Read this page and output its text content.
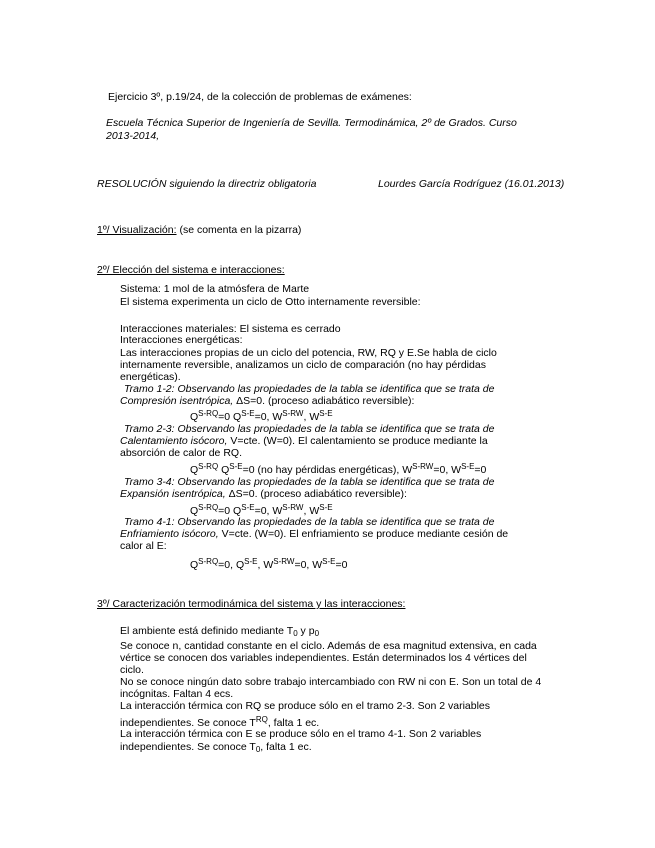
Ejercicio 3º, p.19/24, de la colección de problemas de exámenes:
Escuela Técnica Superior de Ingeniería de Sevilla. Termodinámica, 2º de Grados. Curso
2013-2014,
RESOLUCIÓN siguiendo la directriz obligatoria	Lourdes García Rodríguez (16.01.2013)
1º/ Visualización: (se comenta en la pizarra)
2º/ Elección del sistema e interacciones:
Sistema: 1 mol de la atmósfera de Marte
El sistema experimenta un ciclo de Otto internamente reversible:
Interacciones materiales: El sistema es cerrado
Interacciones energéticas:
Las interacciones propias de un ciclo del potencia, RW, RQ y E.Se habla de ciclo
internamente reversible, analizamos un ciclo de comparación (no hay pérdidas
energéticas).
Tramo 1-2: Observando las propiedades de la tabla se identifica que se trata de
Compresión isentrópica, ΔS=0. (proceso adiabático reversible):
$Q^{S-RQ}=0$ $Q^{S-E}=0$, $W^{S-RW}$, $W^{S-E}$
Tramo 2-3: Observando las propiedades de la tabla se identifica que se trata de
Calentamiento isócoro, V=cte. (W=0). El calentamiento se produce mediante la
absorción de calor de RQ.
$Q^{S-RQ}$ $Q^{S-E}=0$ (no hay pérdidas energéticas), $W^{S-RW}=0$, $W^{S-E}=0$
Tramo 3-4: Observando las propiedades de la tabla se identifica que se trata de
Expansión isentrópica, ΔS=0. (proceso adiabático reversible):
$Q^{S-RQ}=0$ $Q^{S-E}=0$, $W^{S-RW}$, $W^{S-E}$
Tramo 4-1: Observando las propiedades de la tabla se identifica que se trata de
Enfriamiento isócoro, V=cte. (W=0). El enfriamiento se produce mediante cesión de
calor al E:
$Q^{S-RQ}=0$, $Q^{S-E}$, $W^{S-RW}=0$, $W^{S-E}=0$
3º/ Caracterización termodinámica del sistema y las interacciones:
El ambiente está definido mediante $T_0$ y $p_0$
Se conoce n, cantidad constante en el ciclo. Además de esa magnitud extensiva, en cada
vértice se conocen dos variables independientes. Están determinados los 4 vértices del
ciclo.
No se conoce ningún dato sobre trabajo intercambiado con RW ni con E. Son un total de 4
incógnitas. Faltan 4 ecs.
La interacción térmica con RQ se produce sólo en el tramo 2-3. Son 2 variables
independientes. Se conoce $T^{RQ}$, falta 1 ec.
La interacción térmica con E se produce sólo en el tramo 4-1. Son 2 variables
independientes. Se conoce $T_0$, falta 1 ec.
